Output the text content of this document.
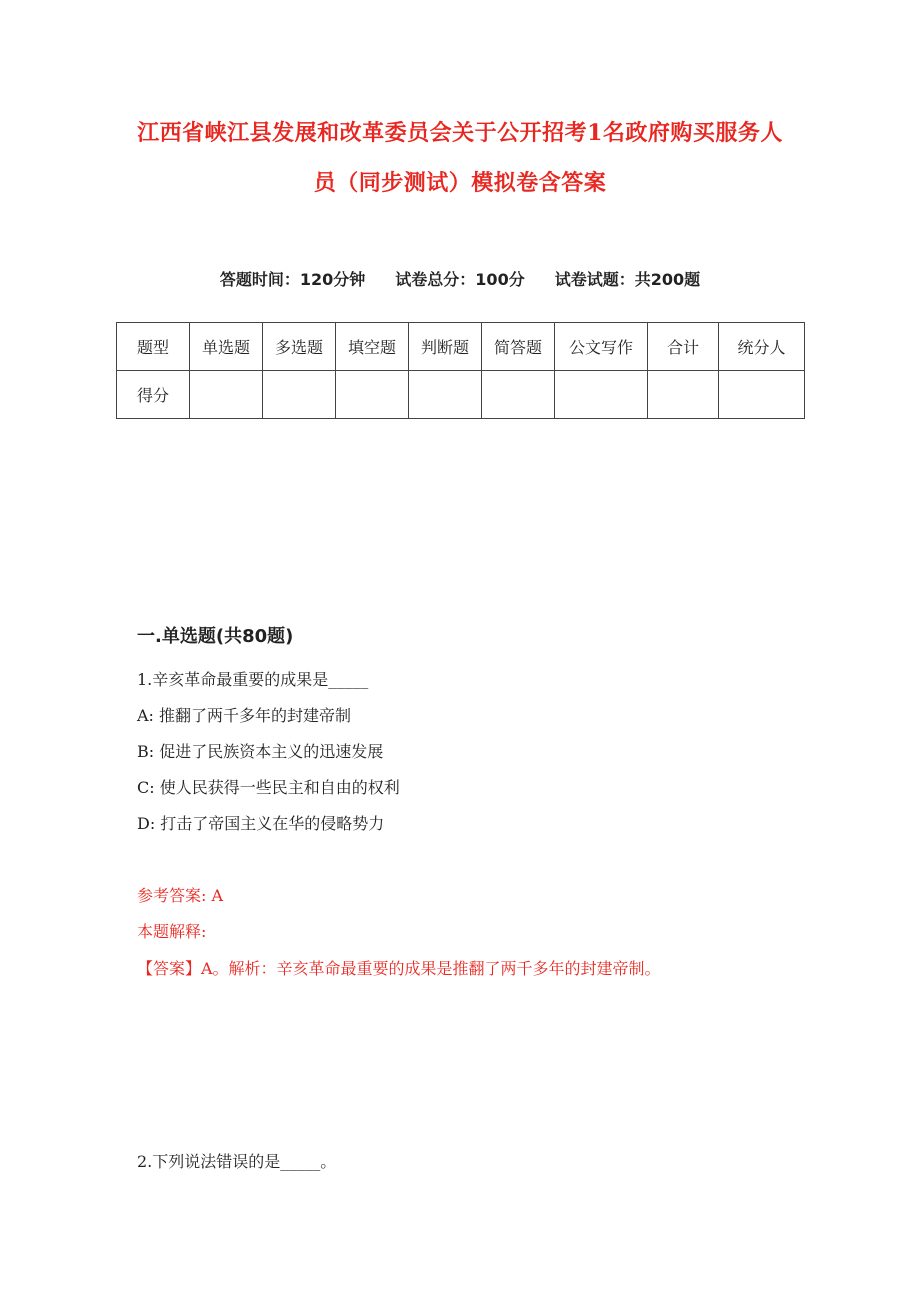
江西省峡江县发展和改革委员会关于公开招考1名政府购买服务人
员（同步测试）模拟卷含答案
答题时间：120分钟 试卷总分：100分 试卷试题：共200题
题型	单选题	多选题	填空题	判断题	简答题	公文写作	合计	统分人
得分								
一.单选题(共80题)
1.辛亥革命最重要的成果是_____
A: 推翻了两千多年的封建帝制
B: 促进了民族资本主义的迅速发展
C: 使人民获得一些民主和自由的权利
D: 打击了帝国主义在华的侵略势力
参考答案: A
本题解释:
【答案】A。解析：辛亥革命最重要的成果是推翻了两千多年的封建帝制。
2.下列说法错误的是_____。
